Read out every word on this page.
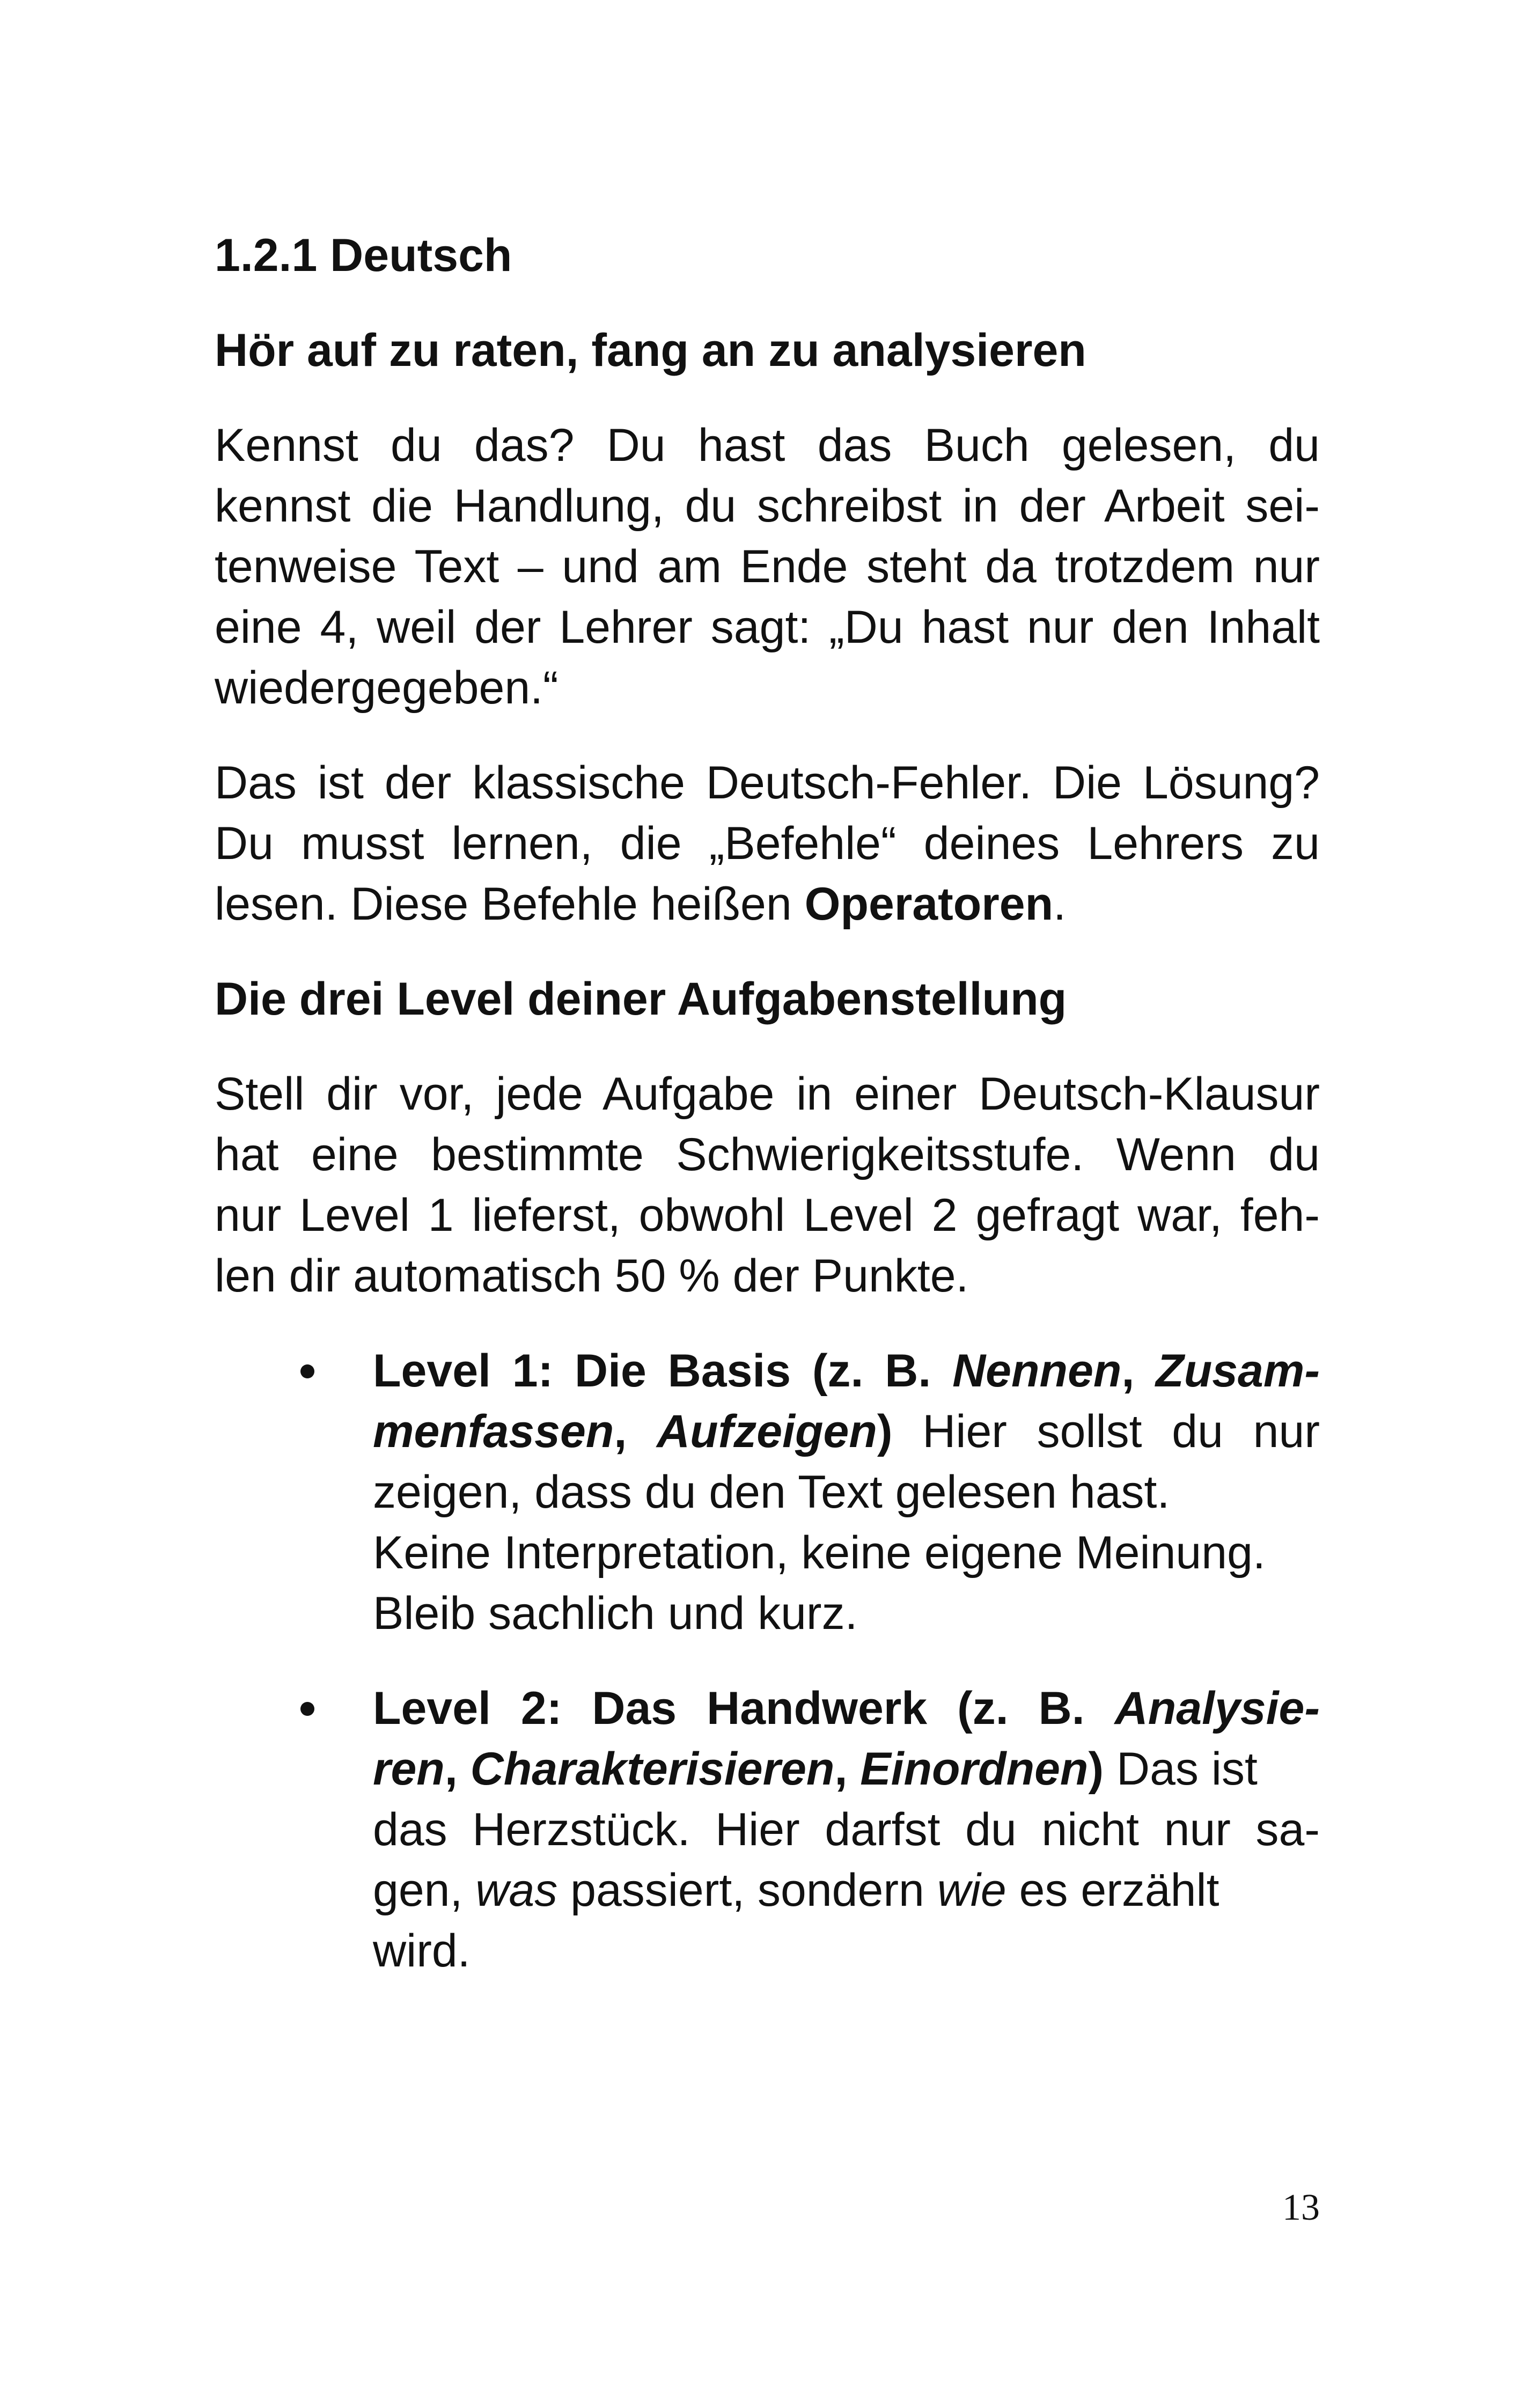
1.2.1 Deutsch
Hör auf zu raten, fang an zu analysieren
Kennst du das? Du hast das Buch gelesen, du
kennst die Handlung, du schreibst in der Arbeit sei-
tenweise Text – und am Ende steht da trotzdem nur
eine 4, weil der Lehrer sagt: „Du hast nur den Inhalt
wiedergegeben.“
Das ist der klassische Deutsch-Fehler. Die Lösung?
Du musst lernen, die „Befehle“ deines Lehrers zu
lesen. Diese Befehle heißen Operatoren.
Die drei Level deiner Aufgabenstellung
Stell dir vor, jede Aufgabe in einer Deutsch-Klausur
hat eine bestimmte Schwierigkeitsstufe. Wenn du
nur Level 1 lieferst, obwohl Level 2 gefragt war, feh-
len dir automatisch 50 % der Punkte.
Level 1: Die Basis (z. B. Nennen, Zusam-
menfassen, Aufzeigen) Hier sollst du nur
zeigen, dass du den Text gelesen hast.
Keine Interpretation, keine eigene Meinung.
Bleib sachlich und kurz.
Level 2: Das Handwerk (z. B. Analysie-
ren, Charakterisieren, Einordnen) Das ist
das Herzstück. Hier darfst du nicht nur sa-
gen, was passiert, sondern wie es erzählt
wird.
13
